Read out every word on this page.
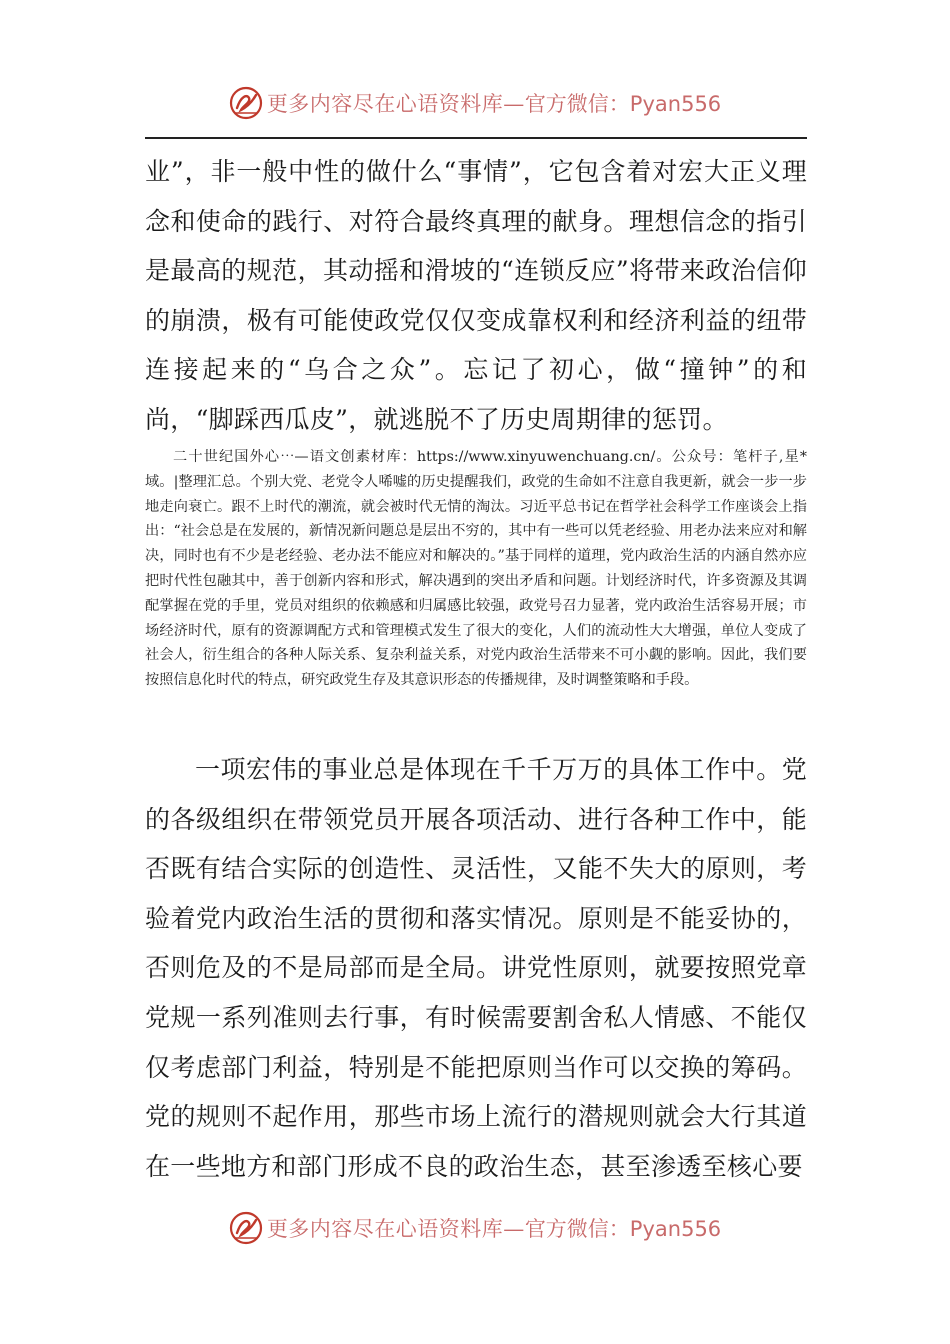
更多内容尽在心语资料库— 官方微信：Pyan556

业”，非一般中性的做什么“事情”，它包含着对宏大正义理念和使命的践行、对符合最终真理的献身。理想信念的指引是最高的规范，其动摇和滑坡的“连锁反应”将带来政治信仰的崩溃，极有可能使政党仅仅变成靠权利和经济利益的纽带连接起来的“乌合之众”。忘记了初心，做“撞钟”的和尚，“脚踩西瓜皮”，就逃脱不了历史周期律的惩罚。

二十世纪国外心⋯—语文创素材库：https://www.xinyuwenchuang.cn/。公众号：笔杆子,星*域。|整理汇总。个别大党、老党令人唏嘘的历史提醒我们，政党的生命如不注意自我更新，就会一步一步地走向衰亡。跟不上时代的潮流，就会被时代无情的淘汰。习近平总书记在哲学社会科学工作座谈会上指出：“社会总是在发展的，新情况新问题总是层出不穷的，其中有一些可以凭老经验、用老办法来应对和解决，同时也有不少是老经验、老办法不能应对和解决的。”基于同样的道理，党内政治生活的内涵自然亦应把时代性包融其中，善于创新内容和形式，解决遇到的突出矛盾和问题。计划经济时代，许多资源及其调配掌握在党的手里，党员对组织的依赖感和归属感比较强，政党号召力显著，党内政治生活容易开展；市场经济时代，原有的资源调配方式和管理模式发生了很大的变化，人们的流动性大大增强，单位人变成了社会人，衍生组合的各种人际关系、复杂利益关系，对党内政治生活带来不可小觑的影响。因此，我们要按照信息化时代的特点，研究政党生存及其意识形态的传播规律，及时调整策略和手段。

一项宏伟的事业总是体现在千千万万的具体工作中。党的各级组织在带领党员开展各项活动、进行各种工作中，能否既有结合实际的创造性、灵活性，又能不失大的原则，考验着党内政治生活的贯彻和落实情况。原则是不能妥协的，否则危及的不是局部而是全局。讲党性原则，就要按照党章党规一系列准则去行事，有时候需要割舍私人情感、不能仅仅考虑部门利益，特别是不能把原则当作可以交换的筹码。党的规则不起作用，那些市场上流行的潜规则就会大行其道在一些地方和部门形成不良的政治生态，甚至渗透至核心要

更多内容尽在心语资料库— 官方微信：Pyan556
